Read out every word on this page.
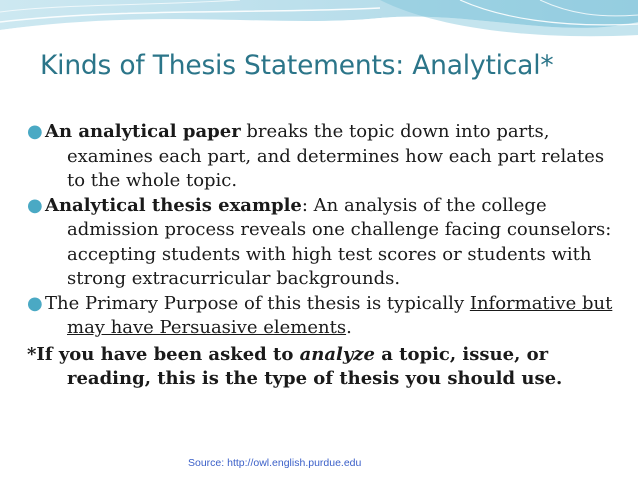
Kinds of Thesis Statements: Analytical*
● An analytical paper breaks the topic down into parts, examines each part, and determines how each part relates to the whole topic.
● Analytical thesis example: An analysis of the college admission process reveals one challenge facing counselors: accepting students with high test scores or students with strong extracurricular backgrounds.
● The Primary Purpose of this thesis is typically Informative but may have Persuasive elements.
*If you have been asked to analyze a topic, issue, or reading, this is the type of thesis you should use.
Source: http://owl.english.purdue.edu
